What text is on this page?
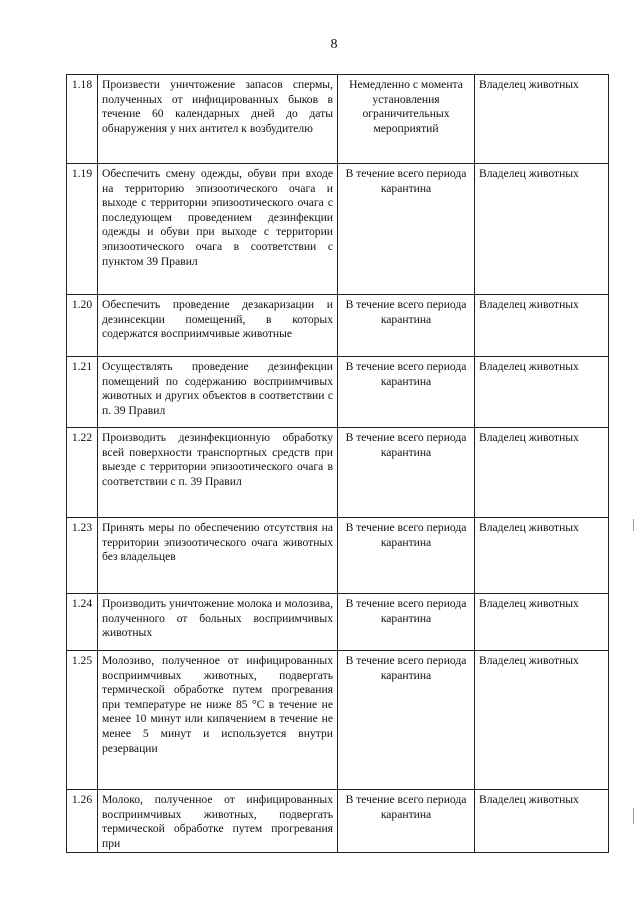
8
1.18	Произвести уничтожение запасов спермы, полученных от инфицированных быков в течение 60 календарных дней до даты обнаружения у них антител к возбудителю	Немедленно с момента установления ограничительных мероприятий	Владелец животных
1.19	Обеспечить смену одежды, обуви при входе на территорию эпизоотического очага и выходе с территории эпизоотического очага с последующем проведением дезинфекции одежды и обуви при выходе с территории эпизоотического очага в соответствии с пунктом 39 Правил	В течение всего периода карантина	Владелец животных
1.20	Обеспечить проведение дезакаризации и дезинсекции помещений, в которых содержатся восприимчивые животные	В течение всего периода карантина	Владелец животных
1.21	Осуществлять проведение дезинфекции помещений по содержанию восприимчивых животных и других объектов в соответствии с п. 39 Правил	В течение всего периода карантина	Владелец животных
1.22	Производить дезинфекционную обработку всей поверхности транспортных средств при выезде с территории эпизоотического очага в соответствии с п. 39 Правил	В течение всего периода карантина	Владелец животных
1.23	Принять меры по обеспечению отсутствия на территории эпизоотического очага животных без владельцев	В течение всего периода карантина	Владелец животных
1.24	Производить уничтожение молока и молозива, полученного от больных восприимчивых животных	В течение всего периода карантина	Владелец животных
1.25	Молозиво, полученное от инфицированных восприимчивых животных, подвергать термической обработке путем прогревания при температуре не ниже 85 °С в течение не менее 10 минут или кипячением в течение не менее 5 минут и используется внутри резервации	В течение всего периода карантина	Владелец животных
1.26	Молоко, полученное от инфицированных восприимчивых животных, подвергать термической обработке путем прогревания при	В течение всего периода карантина	Владелец животных
